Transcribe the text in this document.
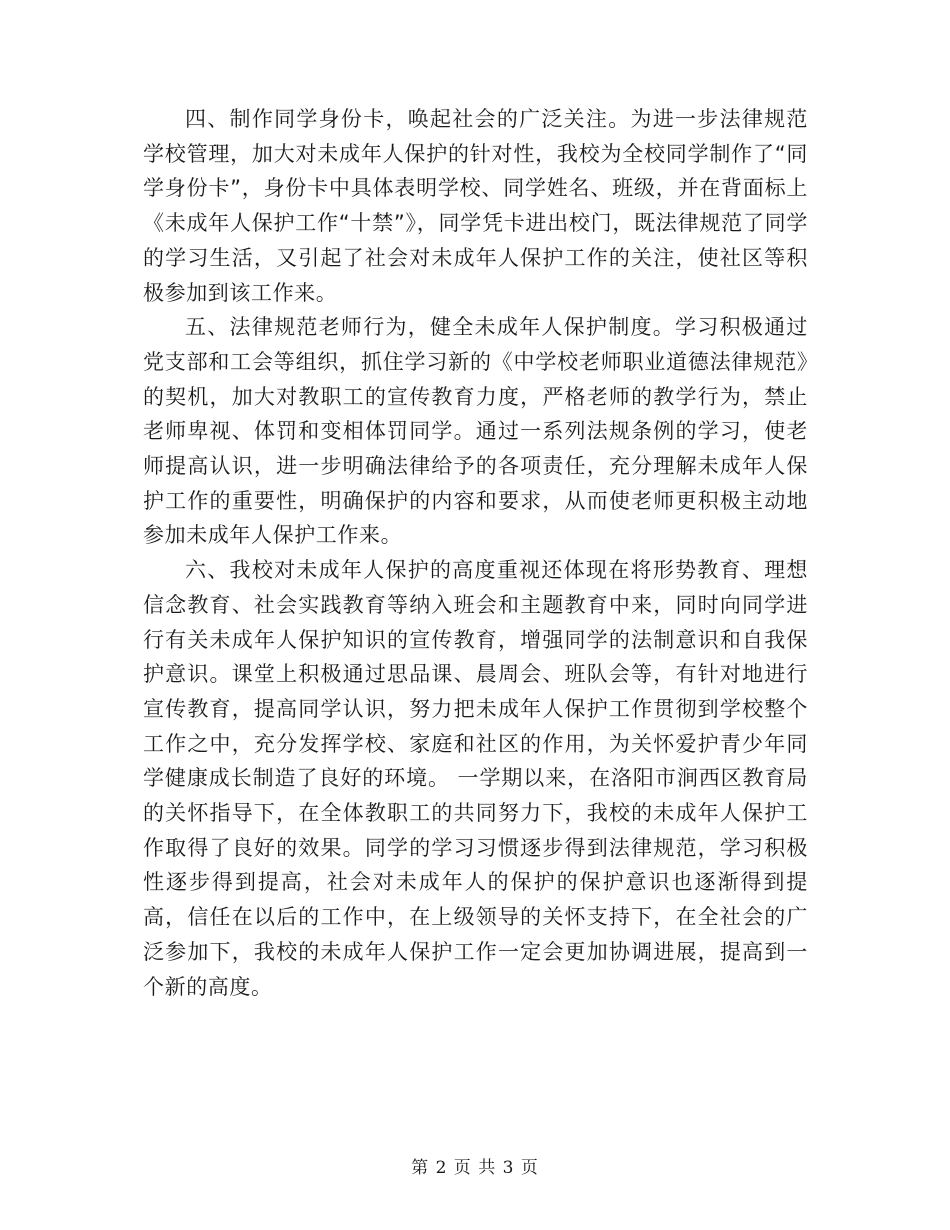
四、制作同学身份卡，唤起社会的广泛关注。为进一步法律规范学校管理，加大对未成年人保护的针对性，我校为全校同学制作了“同学身份卡”，身份卡中具体表明学校、同学姓名、班级，并在背面标上《未成年人保护工作“十禁”》，同学凭卡进出校门，既法律规范了同学的学习生活，又引起了社会对未成年人保护工作的关注，使社区等积极参加到该工作来。

五、法律规范老师行为，健全未成年人保护制度。学习积极通过党支部和工会等组织，抓住学习新的《中学校老师职业道德法律规范》的契机，加大对教职工的宣传教育力度，严格老师的教学行为，禁止老师卑视、体罚和变相体罚同学。通过一系列法规条例的学习，使老师提高认识，进一步明确法律给予的各项责任，充分理解未成年人保护工作的重要性，明确保护的内容和要求，从而使老师更积极主动地参加未成年人保护工作来。

六、我校对未成年人保护的高度重视还体现在将形势教育、理想信念教育、社会实践教育等纳入班会和主题教育中来，同时向同学进行有关未成年人保护知识的宣传教育，增强同学的法制意识和自我保护意识。课堂上积极通过思品课、晨周会、班队会等，有针对地进行宣传教育，提高同学认识，努力把未成年人保护工作贯彻到学校整个工作之中，充分发挥学校、家庭和社区的作用，为关怀爱护青少年同学健康成长制造了良好的环境。 一学期以来，在洛阳市涧西区教育局的关怀指导下，在全体教职工的共同努力下，我校的未成年人保护工作取得了良好的效果。同学的学习习惯逐步得到法律规范，学习积极性逐步得到提高，社会对未成年人的保护的保护意识也逐渐得到提高，信任在以后的工作中，在上级领导的关怀支持下，在全社会的广泛参加下，我校的未成年人保护工作一定会更加协调进展，提高到一个新的高度。

第 2 页 共 3 页
